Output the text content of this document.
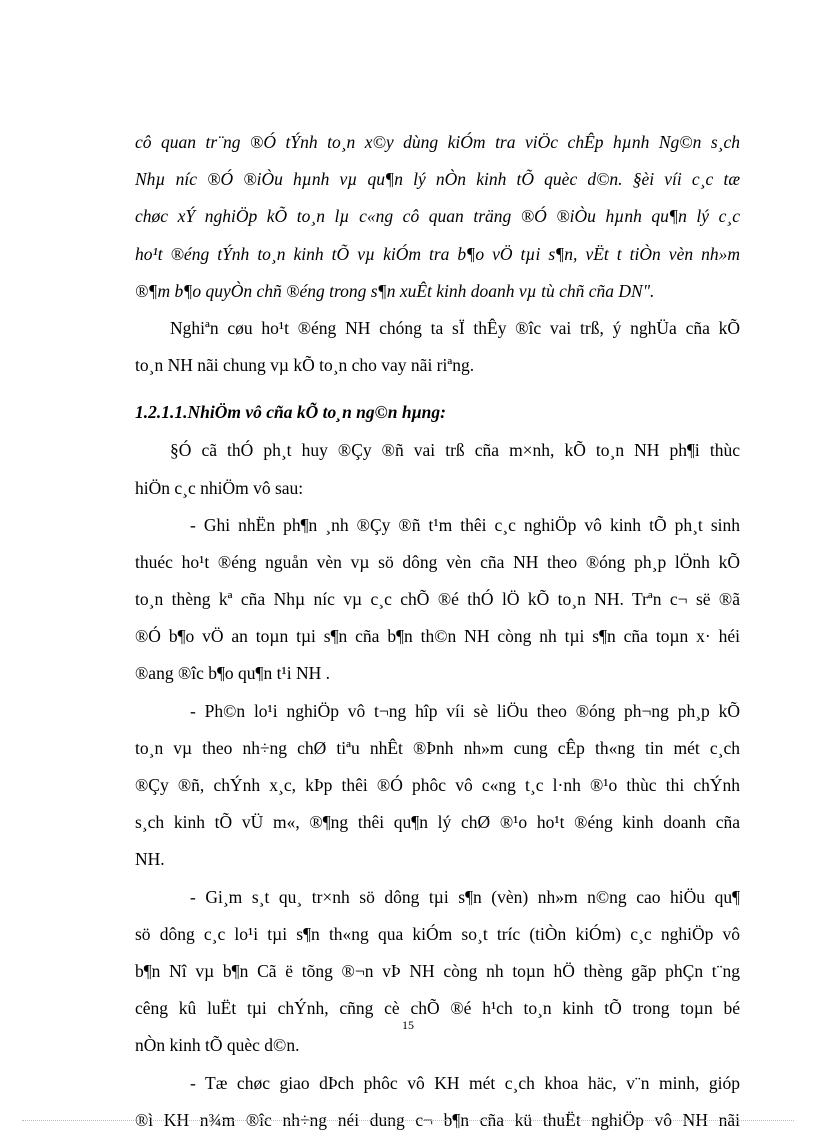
cô quan tr¨ng ®Ó tÝnh to¸n x©y dùng kiÓm tra viÖc chÊp hµnh Ng©n s¸ch
Nhµ níc ®Ó ®iÒu hµnh vµ qu¶n lý nÒn kinh tÕ quèc d©n. §èi víi c¸c tæ
chøc xÝ nghiÖp kÕ to¸n lµ c«ng cô quan träng ®Ó ®iÒu hµnh qu¶n lý c¸c
ho¹t ®éng tÝnh to¸n kinh tÕ vµ kiÓm tra b¶o vÖ tµi s¶n, vËt t tiÒn vèn nh»m
®¶m b¶o quyÒn chñ ®éng trong s¶n xuÊt kinh doanh vµ tù chñ cña DN".
Nghiªn cøu ho¹t ®éng NH chóng ta sÏ thÊy ®îc vai trß, ý nghÜa cña kÕ
to¸n NH nãi chung vµ kÕ to¸n cho vay nãi riªng.
1.2.1.1.NhiÖm vô cña kÕ to¸n ng©n hµng:
§Ó cã thÓ ph¸t huy ®Çy ®ñ vai trß cña m×nh, kÕ to¸n NH ph¶i thùc
hiÖn c¸c nhiÖm vô sau:
- Ghi nhËn ph¶n ¸nh ®Çy ®ñ t¹m thêi c¸c nghiÖp vô kinh tÕ ph¸t sinh
thuéc ho¹t ®éng nguån vèn vµ sö dông vèn cña NH theo ®óng ph¸p lÖnh kÕ
to¸n thèng kª cña Nhµ níc vµ c¸c chÕ ®é thÓ lÖ kÕ to¸n NH. Trªn c¬ së ®ã
®Ó b¶o vÖ an toµn tµi s¶n cña b¶n th©n NH còng nh tµi s¶n cña toµn x· héi
®ang ®îc b¶o qu¶n t¹i NH .
- Ph©n lo¹i nghiÖp vô t¬ng hîp víi sè liÖu theo ®óng ph¬ng ph¸p kÕ
to¸n vµ theo nh÷ng chØ tiªu nhÊt ®Þnh nh»m cung cÊp th«ng tin mét c¸ch
®Çy ®ñ, chÝnh x¸c, kÞp thêi ®Ó phôc vô c«ng t¸c l·nh ®¹o thùc thi chÝnh
s¸ch kinh tÕ vÜ m«, ®¶ng thêi qu¶n lý chØ ®¹o ho¹t ®éng kinh doanh cña
NH.
- Gi¸m s¸t qu¸ tr×nh sö dông tµi s¶n (vèn) nh»m n©ng cao hiÖu qu¶
sö dông c¸c lo¹i tµi s¶n th«ng qua kiÓm so¸t tríc (tiÒn kiÓm) c¸c nghiÖp vô
b¶n Nî vµ b¶n Cã ë tõng ®¬n vÞ NH còng nh toµn hÖ thèng gãp phÇn t¨ng
cêng kû luËt tµi chÝnh, cñng cè chÕ ®é h¹ch to¸n kinh tÕ trong toµn bé
nÒn kinh tÕ quèc d©n.
- Tæ chøc giao dÞch phôc vô KH mét c¸ch khoa häc, v¨n minh, gióp
®ì KH n¾m ®îc nh÷ng néi dung c¬ b¶n cña kü thuËt nghiÖp vô NH nãi
15
